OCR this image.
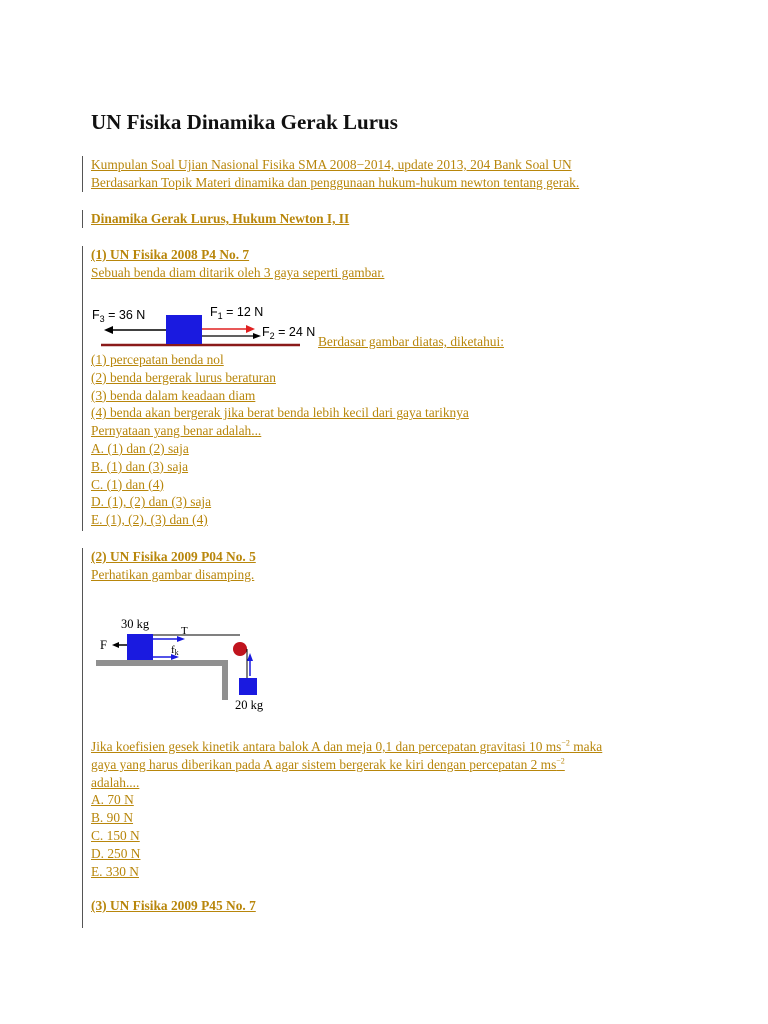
UN Fisika Dinamika Gerak Lurus
Kumpulan Soal Ujian Nasional Fisika SMA 2008−2014, update 2013, 204 Bank Soal UN
Berdasarkan Topik Materi dinamika dan penggunaan hukum-hukum newton tentang gerak.
Dinamika Gerak Lurus, Hukum Newton I, II
(1) UN Fisika 2008 P4 No. 7
Sebuah benda diam ditarik oleh 3 gaya seperti gambar.
$F_3 = 36$ N	$F_1 = 12$ N
$F_2 = 24$ N
Berdasar gambar diatas, diketahui:
(1) percepatan benda nol
(2) benda bergerak lurus beraturan
(3) benda dalam keadaan diam
(4) benda akan bergerak jika berat benda lebih kecil dari gaya tariknya
Pernyataan yang benar adalah...
A. (1) dan (2) saja
B. (1) dan (3) saja
C. (1) dan (4)
D. (1), (2) dan (3) saja
E. (1), (2), (3) dan (4)
(2) UN Fisika 2009 P04 No. 5
Perhatikan gambar disamping.
30 kg
F
T
fk
20 kg
Jika koefisien gesek kinetik antara balok A dan meja 0,1 dan percepatan gravitasi 10 $ms^{-2}$ maka
gaya yang harus diberikan pada A agar sistem bergerak ke kiri dengan percepatan 2 $ms^{-2}$
adalah....
A. 70 N
B. 90 N
C. 150 N
D. 250 N
E. 330 N
(3) UN Fisika 2009 P45 No. 7
